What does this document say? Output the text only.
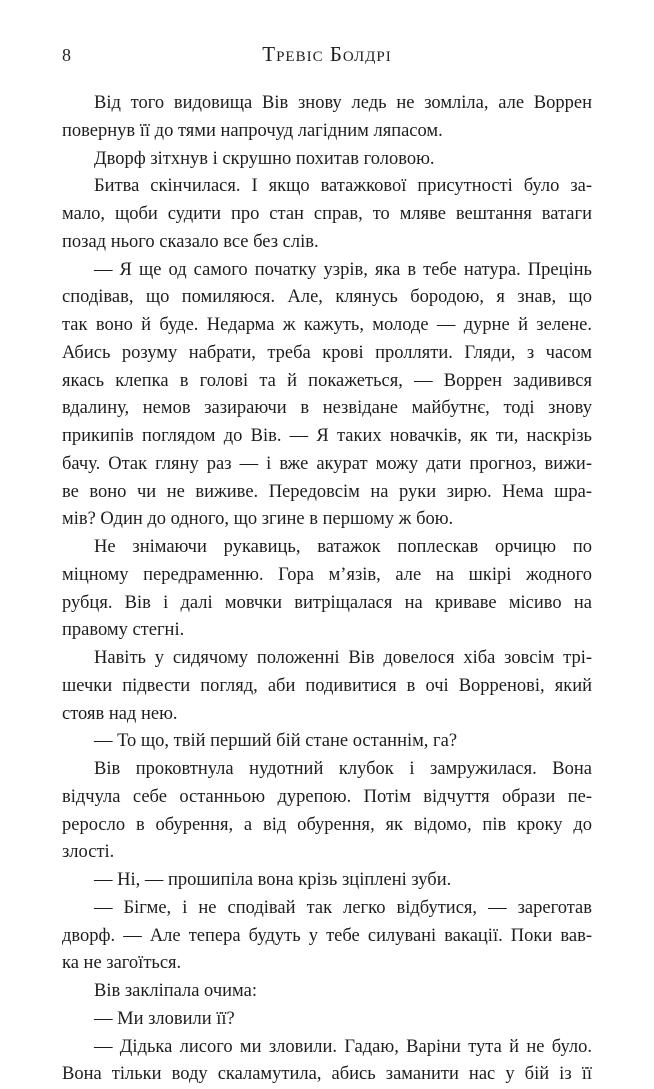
8	Тревіс Болдрі
Від того видовища Вів знову ледь не зомліла, але Воррен
повернув її до тями напрочуд лагідним ляпасом.
Дворф зітхнув і скрушно похитав головою.
Битва скінчилася. І якщо ватажкової присутності було за-
мало, щоби судити про стан справ, то мляве вештання ватаги
позад нього сказало все без слів.
— Я ще од самого початку узрів, яка в тебе натура. Прецінь
сподівав, що помиляюся. Але, клянусь бородою, я знав, що
так воно й буде. Недарма ж кажуть, молоде — дурне й зелене.
Абись розуму набрати, треба крові пролляти. Гляди, з часом
якась клепка в голові та й покажеться, — Воррен задивився
вдалину, немов зазираючи в незвідане майбутнє, тоді знову
прикипів поглядом до Вів. — Я таких новачків, як ти, наскрізь
бачу. Отак гляну раз — і вже акурат можу дати прогноз, вижи-
ве воно чи не виживе. Передовсім на руки зирю. Нема шра-
мів? Один до одного, що згине в першому ж бою.
Не знімаючи рукавиць, ватажок поплескав орчицю по
міцному передраменню. Гора м’язів, але на шкірі жодного
рубця. Вів і далі мовчки витріщалася на криваве місиво на
правому стегні.
Навіть у сидячому положенні Вів довелося хіба зовсім трі-
шечки підвести погляд, аби подивитися в очі Ворренові, який
стояв над нею.
— То що, твій перший бій стане останнім, га?
Вів проковтнула нудотний клубок і замружилася. Вона
відчула себе останньою дурепою. Потім відчуття образи пе-
реросло в обурення, а від обурення, як відомо, пів кроку до
злості.
— Ні, — прошипіла вона крізь зціплені зуби.
— Бігме, і не сподівай так легко відбутися, — зареготав
дворф. — Але тепера будуть у тебе силувані вакації. Поки вав-
ка не загоїться.
Вів закліпала очима:
— Ми зловили її?
— Дідька лисого ми зловили. Гадаю, Варіни тута й не було.
Вона тільки воду скаламутила, абись заманити нас у бій із її
